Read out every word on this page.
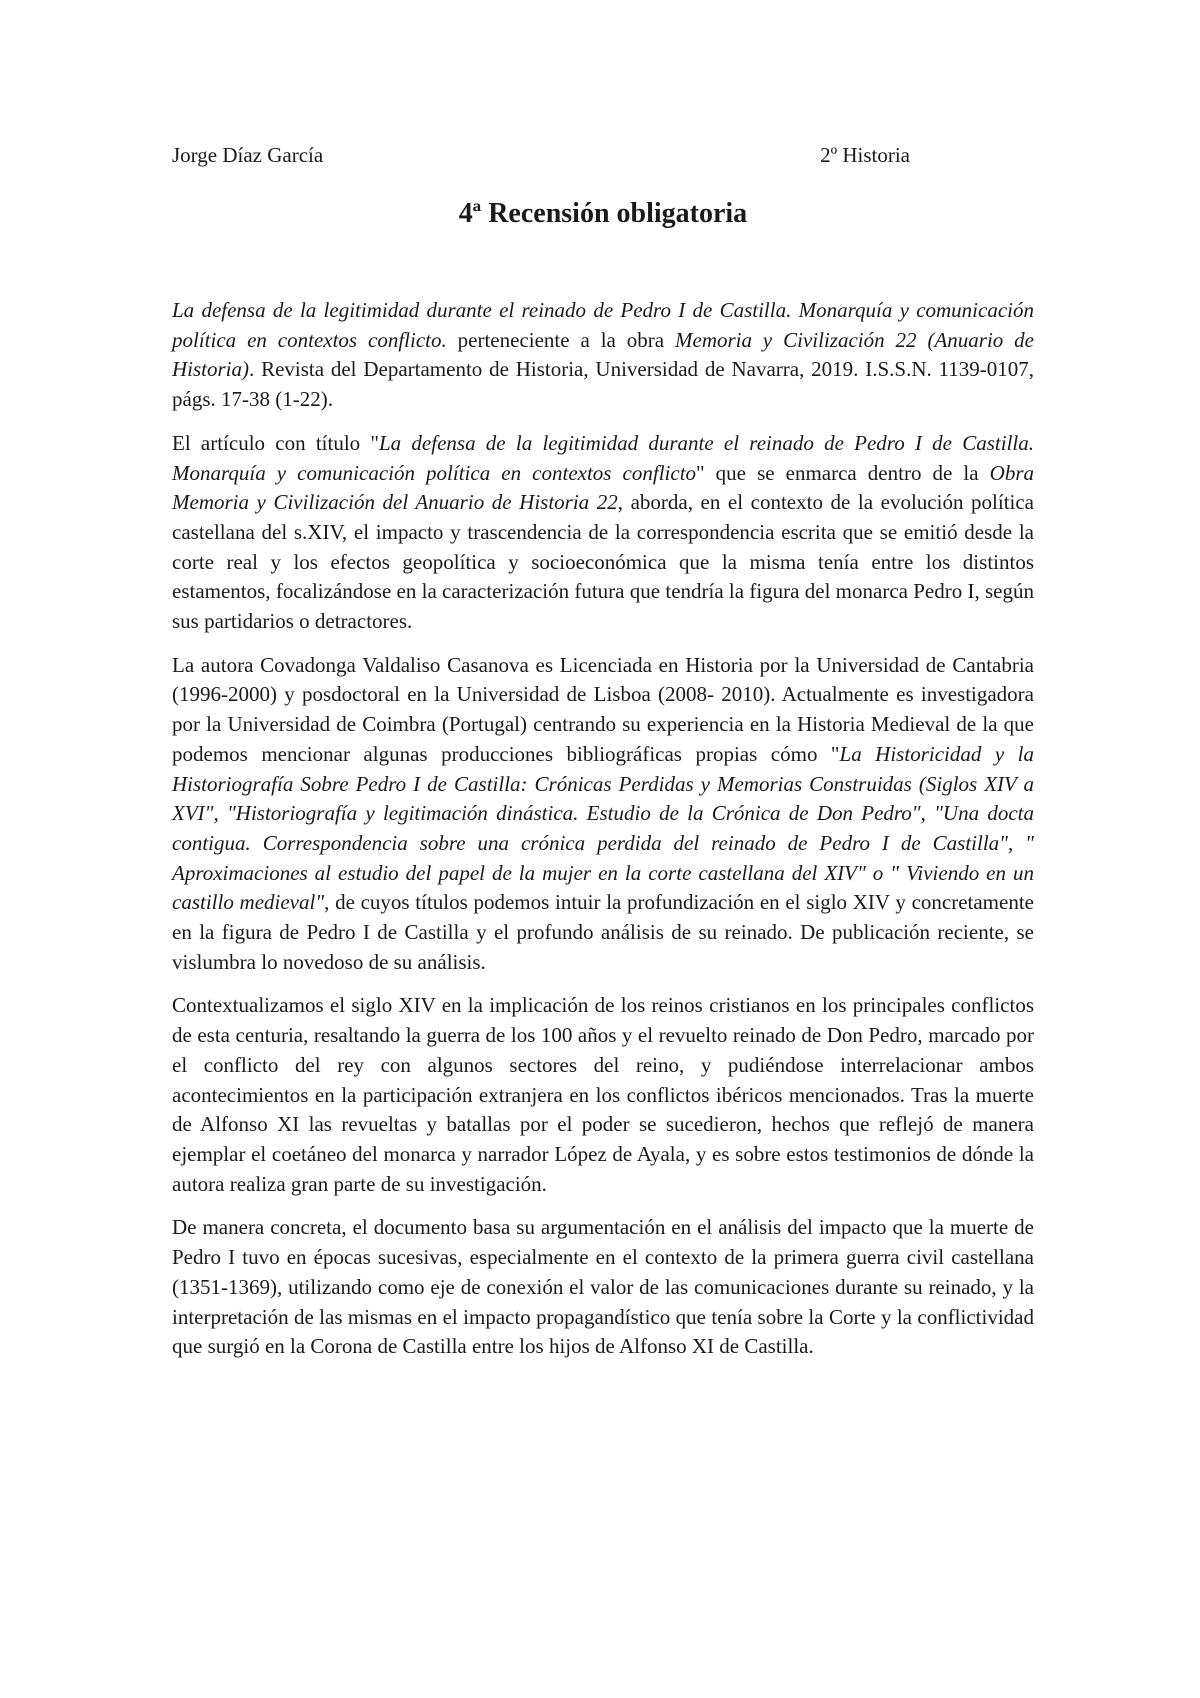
Jorge Díaz García	2º Historia
4ª Recensión obligatoria

La defensa de la legitimidad durante el reinado de Pedro I de Castilla. Monarquía y comunicación política en contextos conflicto. perteneciente a la obra Memoria y Civilización 22 (Anuario de Historia). Revista del Departamento de Historia, Universidad de Navarra, 2019. I.S.S.N. 1139-0107, págs. 17-38 (1-22).

El artículo con título "La defensa de la legitimidad durante el reinado de Pedro I de Castilla. Monarquía y comunicación política en contextos conflicto" que se enmarca dentro de la Obra Memoria y Civilización del Anuario de Historia 22, aborda, en el contexto de la evolución política castellana del s.XIV, el impacto y trascendencia de la correspondencia escrita que se emitió desde la corte real y los efectos geopolítica y socioeconómica que la misma tenía entre los distintos estamentos, focalizándose en la caracterización futura que tendría la figura del monarca Pedro I, según sus partidarios o detractores.

La autora Covadonga Valdaliso Casanova es Licenciada en Historia por la Universidad de Cantabria (1996-2000) y posdoctoral en la Universidad de Lisboa (2008- 2010). Actualmente es investigadora por la Universidad de Coimbra (Portugal) centrando su experiencia en la Historia Medieval de la que podemos mencionar algunas producciones bibliográficas propias cómo "La Historicidad y la Historiografía Sobre Pedro I de Castilla: Crónicas Perdidas y Memorias Construidas (Siglos XIV a XVI", "Historiografía y legitimación dinástica. Estudio de la Crónica de Don Pedro", "Una docta contigua. Correspondencia sobre una crónica perdida del reinado de Pedro I de Castilla", " Aproximaciones al estudio del papel de la mujer en la corte castellana del XIV" o " Viviendo en un castillo medieval", de cuyos títulos podemos intuir la profundización en el siglo XIV y concretamente en la figura de Pedro I de Castilla y el profundo análisis de su reinado. De publicación reciente, se vislumbra lo novedoso de su análisis.

Contextualizamos el siglo XIV en la implicación de los reinos cristianos en los principales conflictos de esta centuria, resaltando la guerra de los 100 años y el revuelto reinado de Don Pedro, marcado por el conflicto del rey con algunos sectores del reino, y pudiéndose interrelacionar ambos acontecimientos en la participación extranjera en los conflictos ibéricos mencionados. Tras la muerte de Alfonso XI las revueltas y batallas por el poder se sucedieron, hechos que reflejó de manera ejemplar el coetáneo del monarca y narrador López de Ayala, y es sobre estos testimonios de dónde la autora realiza gran parte de su investigación.

De manera concreta, el documento basa su argumentación en el análisis del impacto que la muerte de Pedro I tuvo en épocas sucesivas, especialmente en el contexto de la primera guerra civil castellana (1351-1369), utilizando como eje de conexión el valor de las comunicaciones durante su reinado, y la interpretación de las mismas en el impacto propagandístico que tenía sobre la Corte y la conflictividad que surgió en la Corona de Castilla entre los hijos de Alfonso XI de Castilla.
